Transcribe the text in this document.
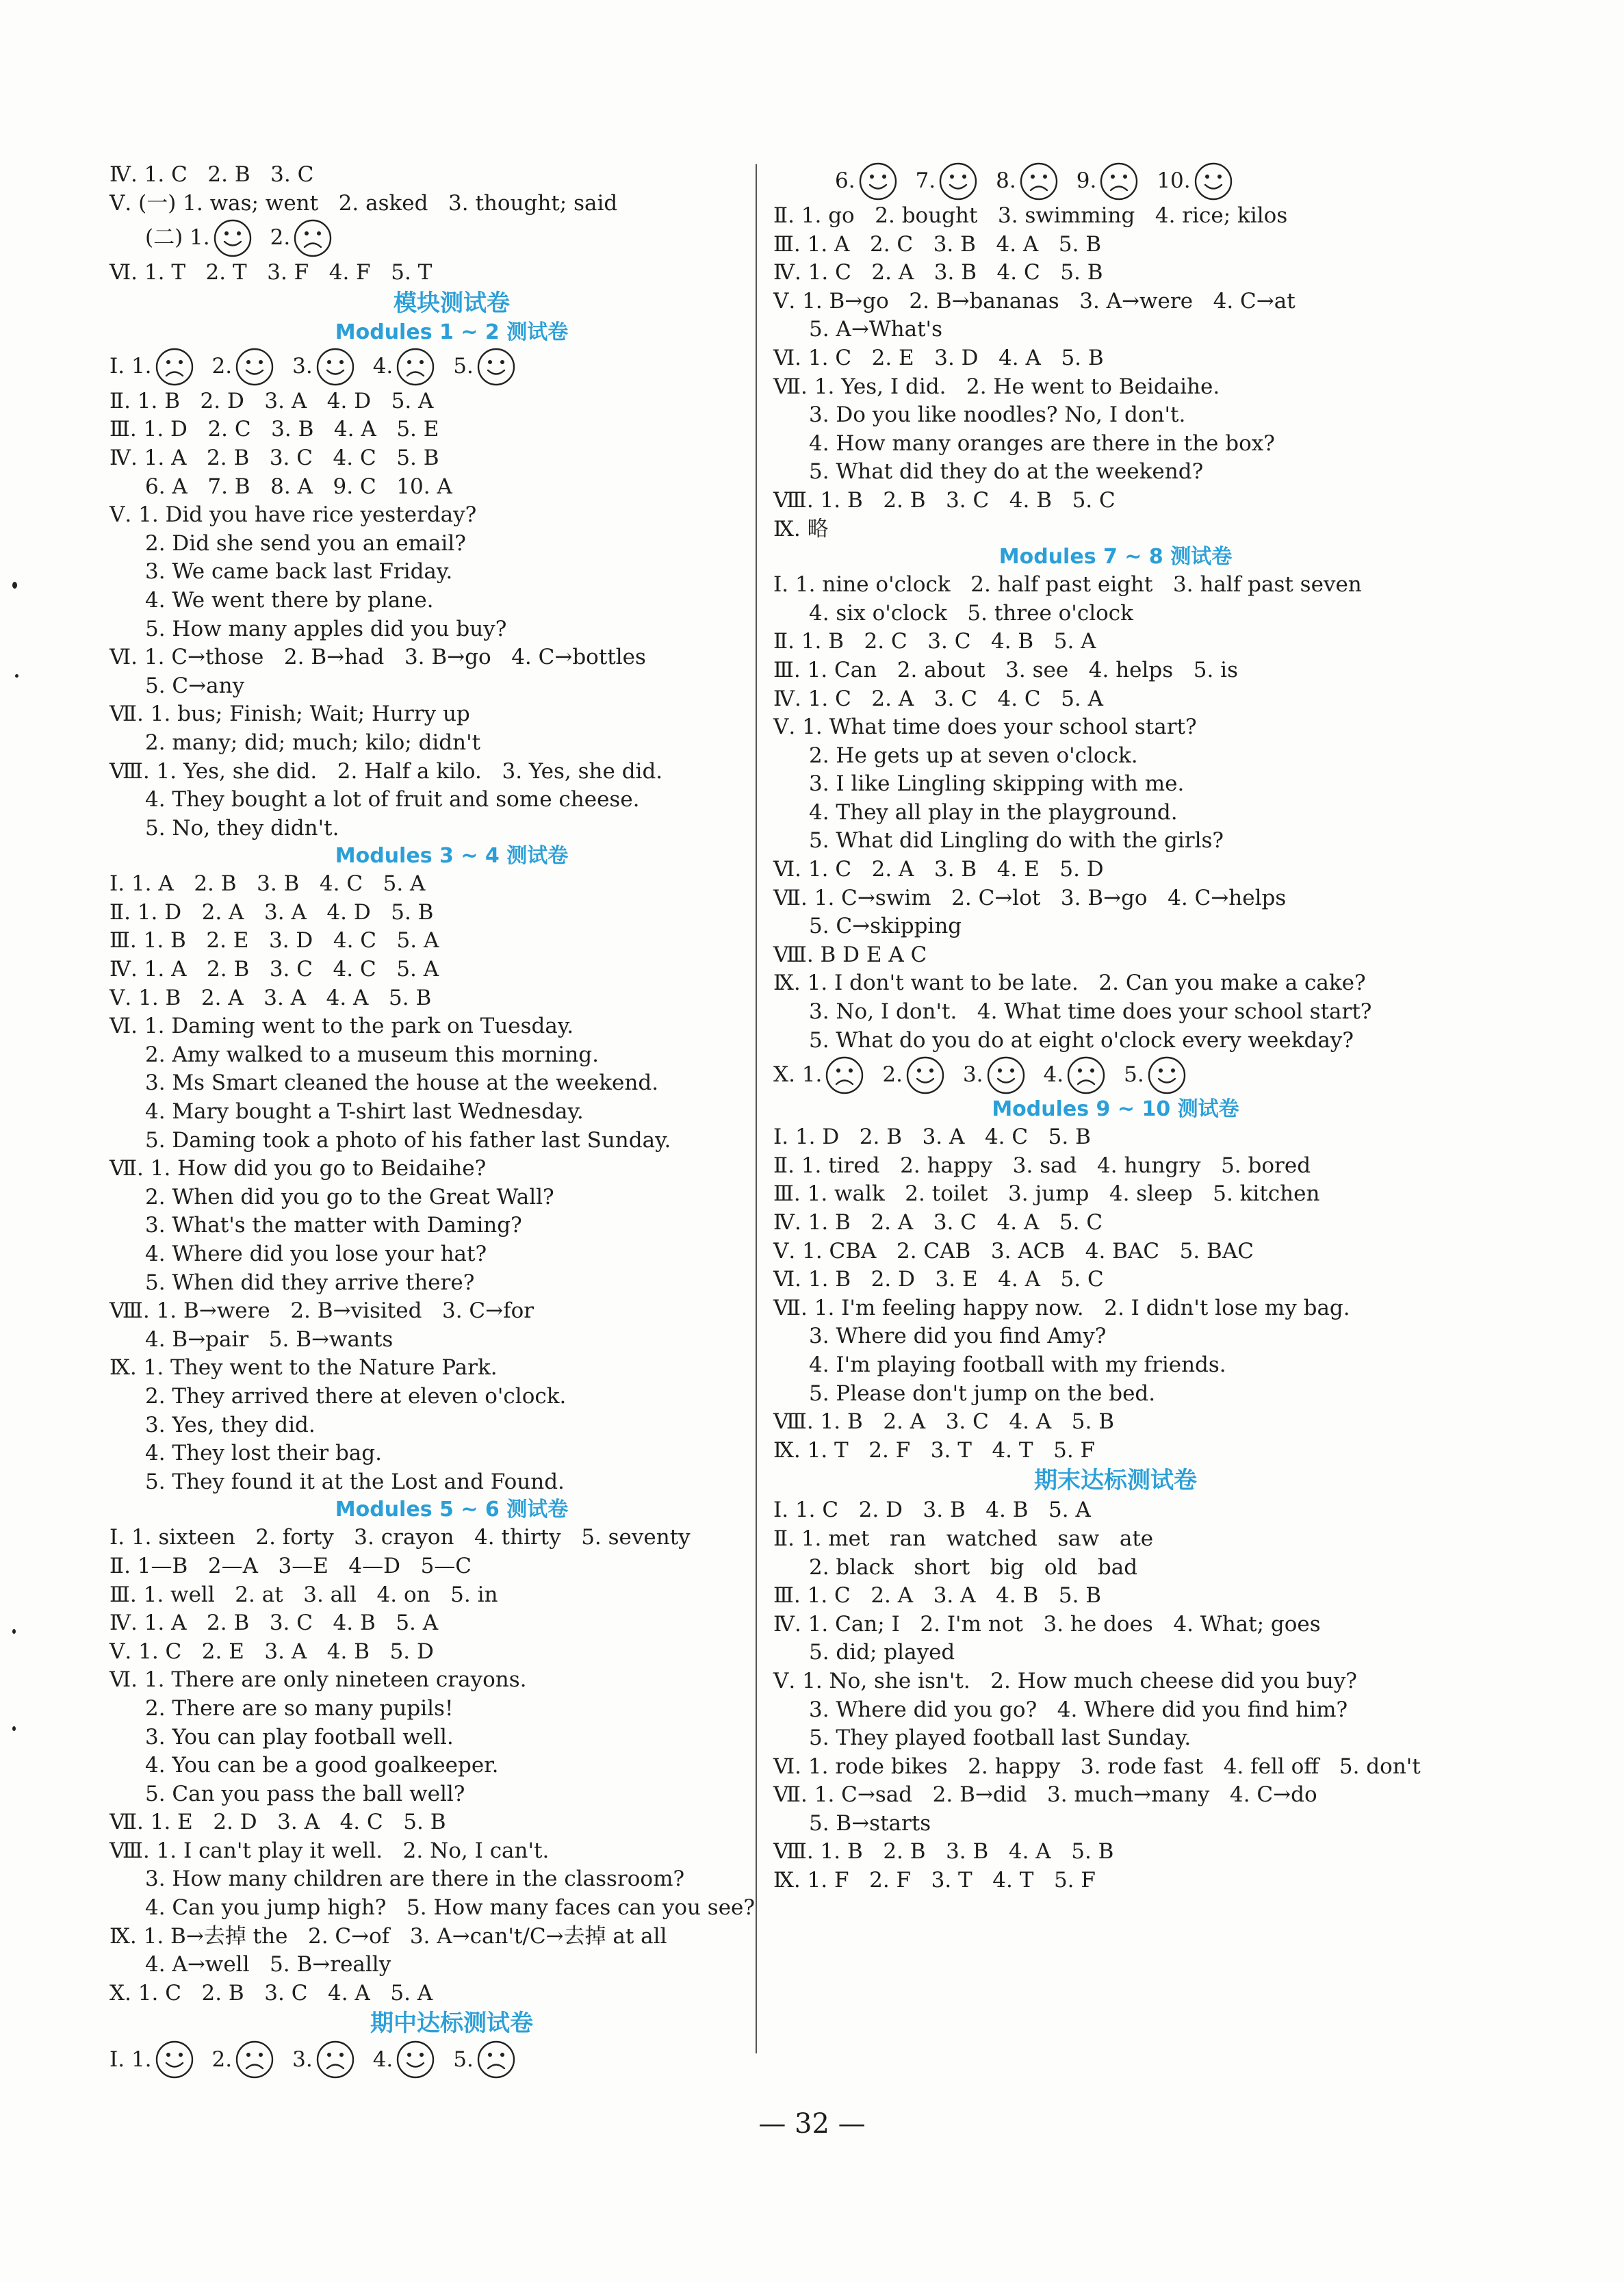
Ⅳ. 1. C   2. B   3. C
Ⅴ. (一) 1. was; went   2. asked   3. thought; said
(二) 1.	2.
Ⅵ. 1. T   2. T   3. F   4. F   5. T
模块测试卷
Modules 1 ~ 2 测试卷
Ⅰ. 1.	2.	3.	4.	5.
Ⅱ. 1. B   2. D   3. A   4. D   5. A
Ⅲ. 1. D   2. C   3. B   4. A   5. E
Ⅳ. 1. A   2. B   3. C   4. C   5. B
6. A   7. B   8. A   9. C   10. A
Ⅴ. 1. Did you have rice yesterday?
2. Did she send you an email?
3. We came back last Friday.
4. We went there by plane.
5. How many apples did you buy?
Ⅵ. 1. C→those   2. B→had   3. B→go   4. C→bottles
5. C→any
Ⅶ. 1. bus; Finish; Wait; Hurry up
2. many; did; much; kilo; didn't
Ⅷ. 1. Yes, she did.   2. Half a kilo.   3. Yes, she did.
4. They bought a lot of fruit and some cheese.
5. No, they didn't.
Modules 3 ~ 4 测试卷
Ⅰ. 1. A   2. B   3. B   4. C   5. A
Ⅱ. 1. D   2. A   3. A   4. D   5. B
Ⅲ. 1. B   2. E   3. D   4. C   5. A
Ⅳ. 1. A   2. B   3. C   4. C   5. A
Ⅴ. 1. B   2. A   3. A   4. A   5. B
Ⅵ. 1. Daming went to the park on Tuesday.
2. Amy walked to a museum this morning.
3. Ms Smart cleaned the house at the weekend.
4. Mary bought a T-shirt last Wednesday.
5. Daming took a photo of his father last Sunday.
Ⅶ. 1. How did you go to Beidaihe?
2. When did you go to the Great Wall?
3. What's the matter with Daming?
4. Where did you lose your hat?
5. When did they arrive there?
Ⅷ. 1. B→were   2. B→visited   3. C→for
4. B→pair   5. B→wants
Ⅸ. 1. They went to the Nature Park.
2. They arrived there at eleven o'clock.
3. Yes, they did.
4. They lost their bag.
5. They found it at the Lost and Found.
Modules 5 ~ 6 测试卷
Ⅰ. 1. sixteen   2. forty   3. crayon   4. thirty   5. seventy
Ⅱ. 1—B   2—A   3—E   4—D   5—C
Ⅲ. 1. well   2. at   3. all   4. on   5. in
Ⅳ. 1. A   2. B   3. C   4. B   5. A
Ⅴ. 1. C   2. E   3. A   4. B   5. D
Ⅵ. 1. There are only nineteen crayons.
2. There are so many pupils!
3. You can play football well.
4. You can be a good goalkeeper.
5. Can you pass the ball well?
Ⅶ. 1. E   2. D   3. A   4. C   5. B
Ⅷ. 1. I can't play it well.   2. No, I can't.
3. How many children are there in the classroom?
4. Can you jump high?   5. How many faces can you see?
Ⅸ. 1. B→去掉 the   2. C→of   3. A→can't/C→去掉 at all
4. A→well   5. B→really
Ⅹ. 1. C   2. B   3. C   4. A   5. A
期中达标测试卷
Ⅰ. 1.	2.	3.	4.	5.
6.	7.	8.	9.	10.
Ⅱ. 1. go   2. bought   3. swimming   4. rice; kilos
Ⅲ. 1. A   2. C   3. B   4. A   5. B
Ⅳ. 1. C   2. A   3. B   4. C   5. B
Ⅴ. 1. B→go   2. B→bananas   3. A→were   4. C→at
5. A→What's
Ⅵ. 1. C   2. E   3. D   4. A   5. B
Ⅶ. 1. Yes, I did.   2. He went to Beidaihe.
3. Do you like noodles? No, I don't.
4. How many oranges are there in the box?
5. What did they do at the weekend?
Ⅷ. 1. B   2. B   3. C   4. B   5. C
Ⅸ. 略
Modules 7 ~ 8 测试卷
Ⅰ. 1. nine o'clock   2. half past eight   3. half past seven
4. six o'clock   5. three o'clock
Ⅱ. 1. B   2. C   3. C   4. B   5. A
Ⅲ. 1. Can   2. about   3. see   4. helps   5. is
Ⅳ. 1. C   2. A   3. C   4. C   5. A
Ⅴ. 1. What time does your school start?
2. He gets up at seven o'clock.
3. I like Lingling skipping with me.
4. They all play in the playground.
5. What did Lingling do with the girls?
Ⅵ. 1. C   2. A   3. B   4. E   5. D
Ⅶ. 1. C→swim   2. C→lot   3. B→go   4. C→helps
5. C→skipping
Ⅷ. B D E A C
Ⅸ. 1. I don't want to be late.   2. Can you make a cake?
3. No, I don't.   4. What time does your school start?
5. What do you do at eight o'clock every weekday?
Ⅹ. 1.	2.	3.	4.	5.
Modules 9 ~ 10 测试卷
Ⅰ. 1. D   2. B   3. A   4. C   5. B
Ⅱ. 1. tired   2. happy   3. sad   4. hungry   5. bored
Ⅲ. 1. walk   2. toilet   3. jump   4. sleep   5. kitchen
Ⅳ. 1. B   2. A   3. C   4. A   5. C
Ⅴ. 1. CBA   2. CAB   3. ACB   4. BAC   5. BAC
Ⅵ. 1. B   2. D   3. E   4. A   5. C
Ⅶ. 1. I'm feeling happy now.   2. I didn't lose my bag.
3. Where did you find Amy?
4. I'm playing football with my friends.
5. Please don't jump on the bed.
Ⅷ. 1. B   2. A   3. C   4. A   5. B
Ⅸ. 1. T   2. F   3. T   4. T   5. F
期末达标测试卷
Ⅰ. 1. C   2. D   3. B   4. B   5. A
Ⅱ. 1. met   ran   watched   saw   ate
2. black   short   big   old   bad
Ⅲ. 1. C   2. A   3. A   4. B   5. B
Ⅳ. 1. Can; I   2. I'm not   3. he does   4. What; goes
5. did; played
Ⅴ. 1. No, she isn't.   2. How much cheese did you buy?
3. Where did you go?   4. Where did you find him?
5. They played football last Sunday.
Ⅵ. 1. rode bikes   2. happy   3. rode fast   4. fell off   5. don't
Ⅶ. 1. C→sad   2. B→did   3. much→many   4. C→do
5. B→starts
Ⅷ. 1. B   2. B   3. B   4. A   5. B
Ⅸ. 1. F   2. F   3. T   4. T   5. F
— 32 —
